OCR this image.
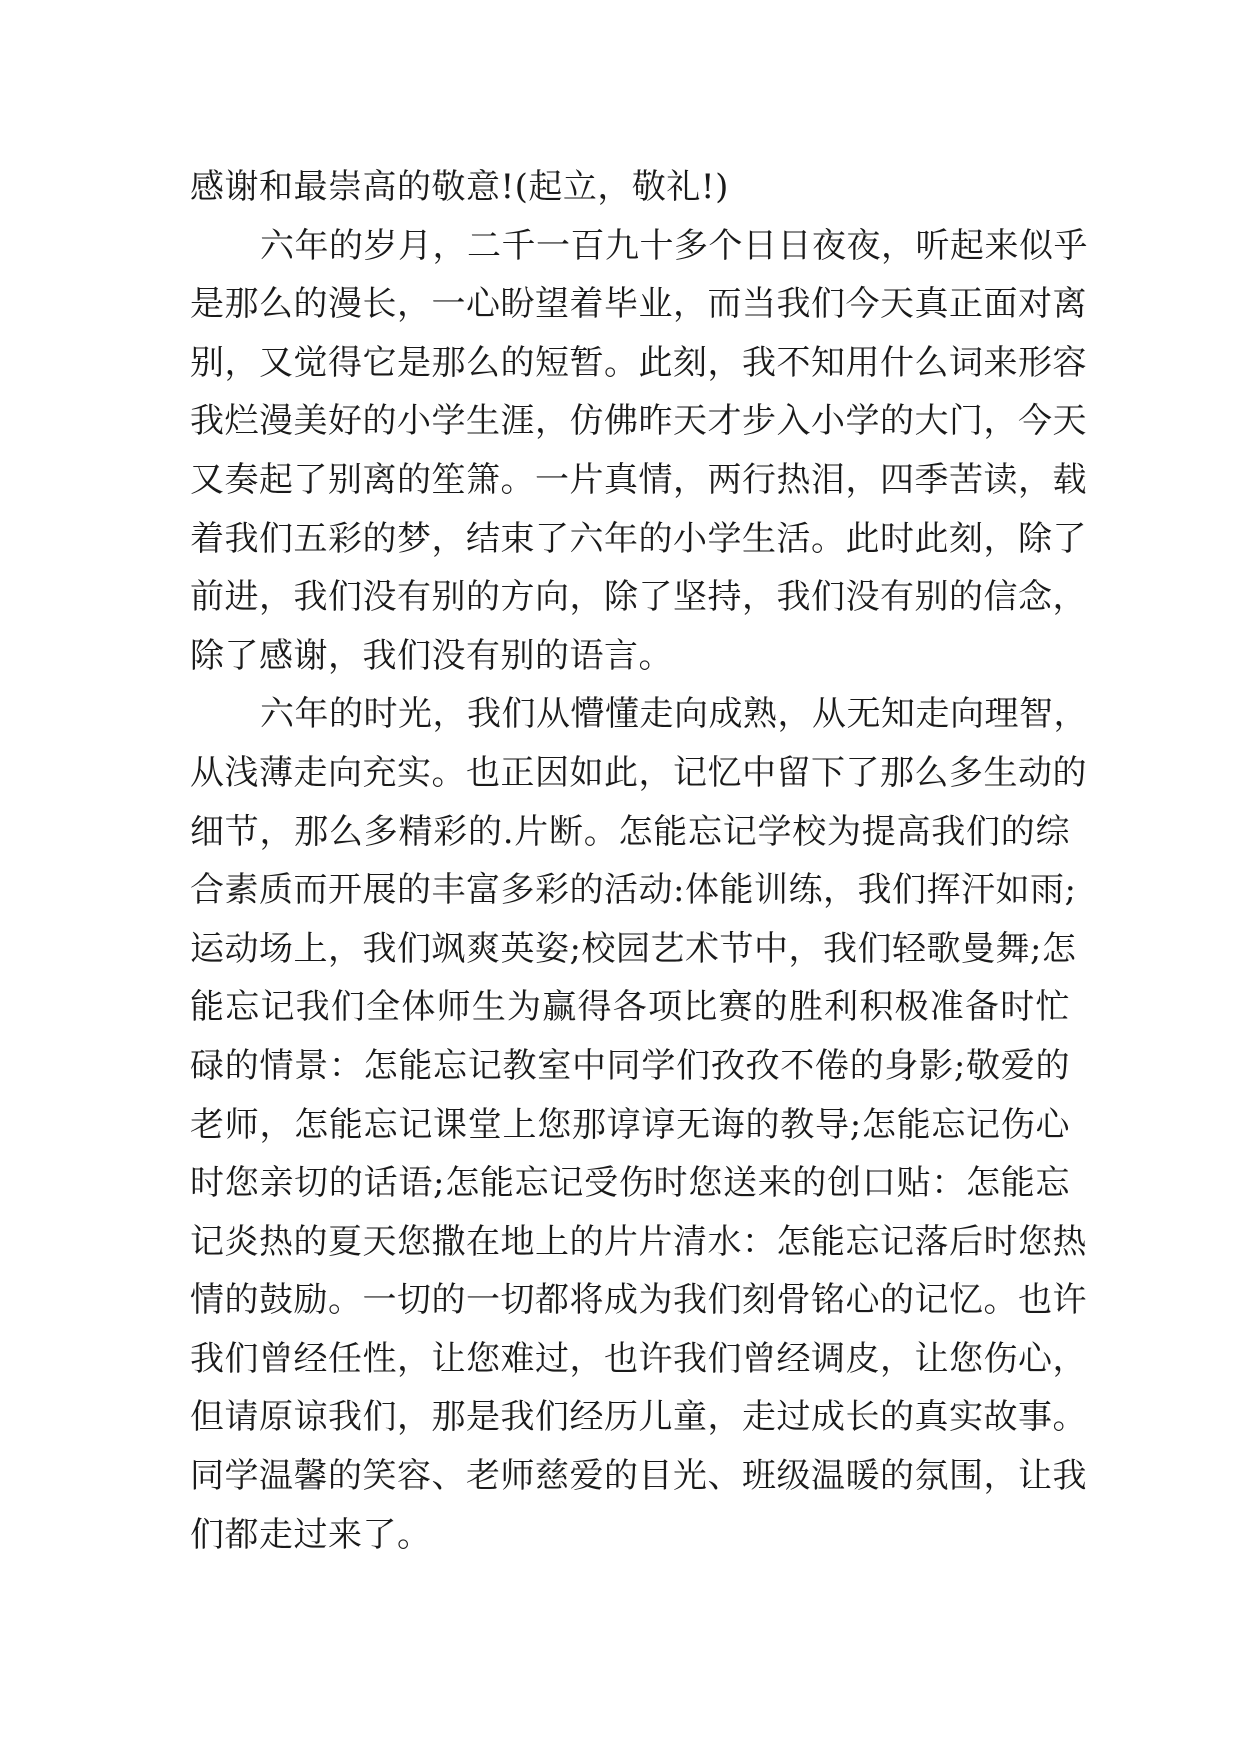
感谢和最崇高的敬意!(起立，敬礼!)
六年的岁月，二千一百九十多个日日夜夜，听起来似乎
是那么的漫长，一心盼望着毕业，而当我们今天真正面对离
别，又觉得它是那么的短暂。此刻，我不知用什么词来形容
我烂漫美好的小学生涯，仿佛昨天才步入小学的大门，今天
又奏起了别离的笙箫。一片真情，两行热泪，四季苦读，载
着我们五彩的梦，结束了六年的小学生活。此时此刻，除了
前进，我们没有别的方向，除了坚持，我们没有别的信念，
除了感谢，我们没有别的语言。
六年的时光，我们从懵懂走向成熟，从无知走向理智，
从浅薄走向充实。也正因如此，记忆中留下了那么多生动的
细节，那么多精彩的.片断。怎能忘记学校为提高我们的综
合素质而开展的丰富多彩的活动:体能训练，我们挥汗如雨;
运动场上，我们飒爽英姿;校园艺术节中，我们轻歌曼舞;怎
能忘记我们全体师生为赢得各项比赛的胜利积极准备时忙
碌的情景：怎能忘记教室中同学们孜孜不倦的身影;敬爱的
老师，怎能忘记课堂上您那谆谆无诲的教导;怎能忘记伤心
时您亲切的话语;怎能忘记受伤时您送来的创口贴：怎能忘
记炎热的夏天您撒在地上的片片清水：怎能忘记落后时您热
情的鼓励。一切的一切都将成为我们刻骨铭心的记忆。也许
我们曾经任性，让您难过，也许我们曾经调皮，让您伤心，
但请原谅我们，那是我们经历儿童，走过成长的真实故事。
同学温馨的笑容、老师慈爱的目光、班级温暖的氛围，让我
们都走过来了。
